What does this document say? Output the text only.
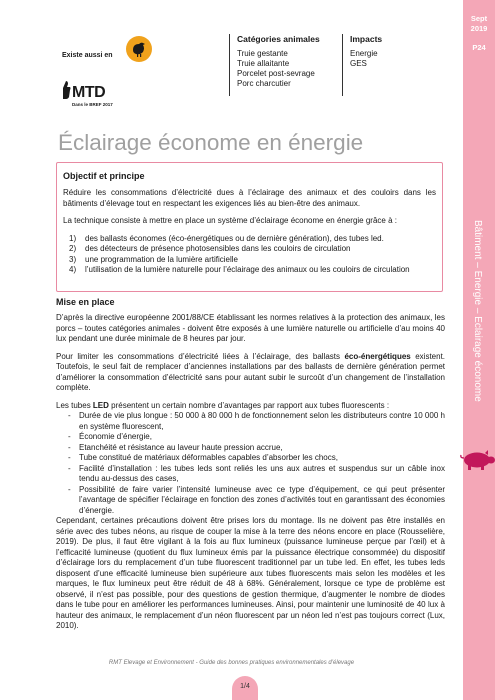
Sept
2019
P24
Bâtiment – Energie – Eclairage économe
Existe aussi en
MTD
Dans le BREF 2017
Catégories animales
Truie gestante
Truie allaitante
Porcelet post-sevrage
Porc charcutier
Impacts
Energie
GES
Éclairage économe en énergie
Objectif et principe

Réduire les consommations d’électricité dues à l’éclairage des animaux et des couloirs dans les bâtiments d’élevage tout en respectant les exigences liés au bien-être des animaux.

La technique consiste à mettre en place un système d’éclairage économe en énergie grâce à :

1) des ballasts économes (éco-énergétiques ou de dernière génération), des tubes led.
2) des détecteurs de présence photosensibles dans les couloirs de circulation
3) une programmation de la lumière artificielle
4) l’utilisation de la lumière naturelle pour l’éclairage des animaux ou les couloirs de circulation
Mise en place

D’après la directive européenne 2001/88/CE établissant les normes relatives à la protection des animaux, les porcs – toutes catégories animales - doivent être exposés à une lumière naturelle ou artificielle d’au moins 40 lux pendant une durée minimale de 8 heures par jour.

Pour limiter les consommations d’électricité liées à l’éclairage, des ballasts éco-énergétiques existent. Toutefois, le seul fait de remplacer d’anciennes installations par des ballasts de dernière génération permet d’améliorer la consommation d’électricité sans pour autant subir le surcoût d’un changement de l’installation complète.

Les tubes LED présentent un certain nombre d’avantages par rapport aux tubes fluorescents :

- Durée de vie plus longue : 50 000 à 80 000 h de fonctionnement selon les distributeurs contre 10 000 h en système fluorescent,
- Économie d’énergie,
- Etanchéité et résistance au laveur haute pression accrue,
- Tube constitué de matériaux déformables capables d’absorber les chocs,
- Facilité d’installation : les tubes leds sont reliés les uns aux autres et suspendus sur un câble inox tendu au-dessus des cases,
- Possibilité de faire varier l’intensité lumineuse avec ce type d’équipement, ce qui peut présenter l’avantage de spécifier l’éclairage en fonction des zones d’activités tout en garantissant des économies d’énergie.

Cependant, certaines précautions doivent être prises lors du montage. Ils ne doivent pas être installés en série avec des tubes néons, au risque de couper la mise à la terre des néons encore en place (Rousselière, 2019). De plus, il faut être vigilant à la fois au flux lumineux (puissance lumineuse perçue par l’œil) et à l’efficacité lumineuse (quotient du flux lumineux émis par la puissance électrique consommée) du dispositif d’éclairage lors du remplacement d’un tube fluorescent traditionnel par un tube led. En effet, les tubes leds disposent d’une efficacité lumineuse bien supérieure aux tubes fluorescents mais selon les modèles et les marques, le flux lumineux peut être réduit de 48 à 68%. Généralement, lorsque ce type de problème est observé, il n’est pas possible, pour des questions de gestion thermique, d’augmenter le nombre de diodes dans le tube pour en améliorer les performances lumineuses. Ainsi, pour maintenir une luminosité de 40 lux à hauteur des animaux, le remplacement d’un néon fluorescent par un néon led n’est pas toujours correct (Lux, 2010).

RMT Elevage et Environnement - Guide des bonnes pratiques environnementales d’élevage
1/4
